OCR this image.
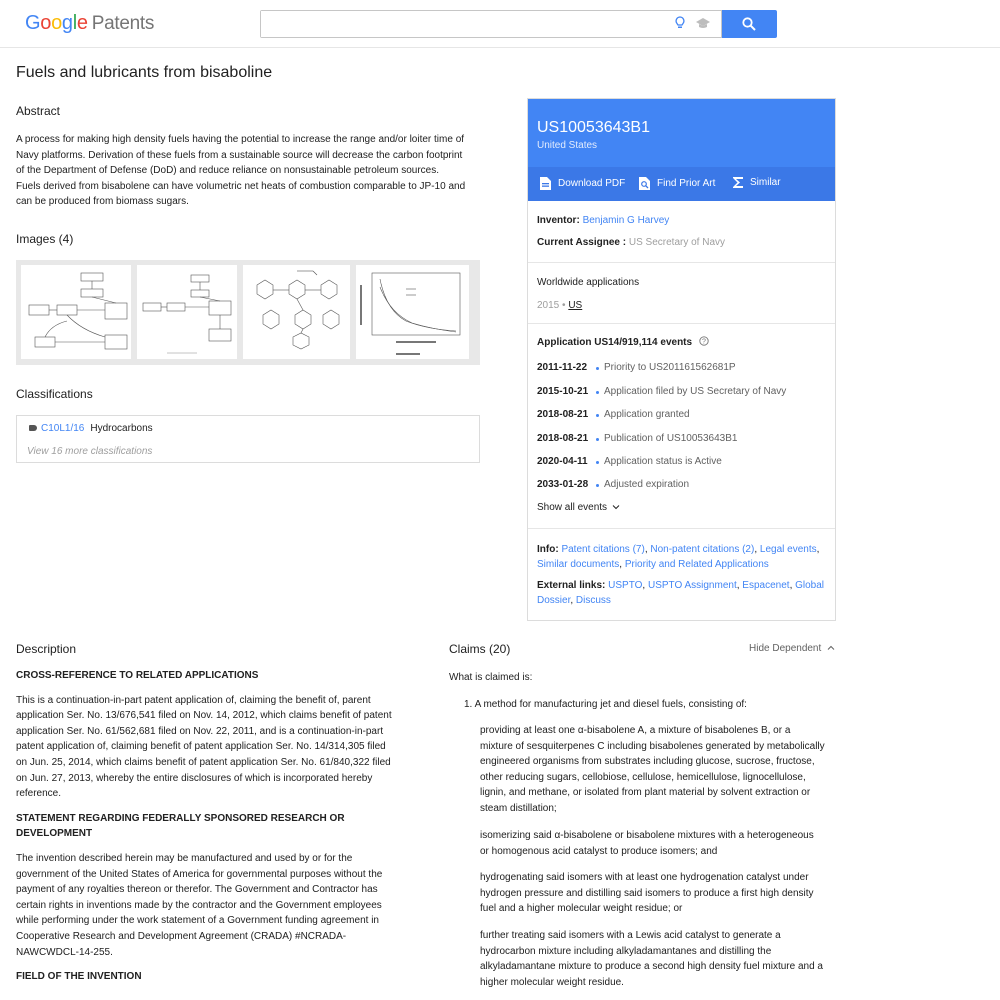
Google Patents
Fuels and lubricants from bisaboline
Abstract
A process for making high density fuels having the potential to increase the range and/or loiter time of Navy platforms. Derivation of these fuels from a sustainable source will decrease the carbon footprint of the Department of Defense (DoD) and reduce reliance on nonsustainable petroleum sources. Fuels derived from bisabolene can have volumetric net heats of combustion comparable to JP-10 and can be produced from biomass sugars.
Images (4)
Classifications
C10L1/16 Hydrocarbons
View 16 more classifications
US10053643B1
United States
Download PDF	Find Prior Art	Similar
Inventor: Benjamin G Harvey
Current Assignee : US Secretary of Navy
Worldwide applications
2015 • US
Application US14/919,114 events ?
2011-11-22 Priority to US201161562681P
2015-10-21 Application filed by US Secretary of Navy
2018-08-21 Application granted
2018-08-21 Publication of US10053643B1
2020-04-11 Application status is Active
2033-01-28 Adjusted expiration
Show all events
Info: Patent citations (7), Non-patent citations (2), Legal events, Similar documents, Priority and Related Applications
External links: USPTO, USPTO Assignment, Espacenet, Global Dossier, Discuss
Description

CROSS-REFERENCE TO RELATED APPLICATIONS

This is a continuation-in-part patent application of, claiming the benefit of, parent application Ser. No. 13/676,541 filed on Nov. 14, 2012, which claims benefit of patent application Ser. No. 61/562,681 filed on Nov. 22, 2011, and is a continuation-in-part patent application of, claiming benefit of patent application Ser. No. 14/314,305 filed on Jun. 25, 2014, which claims benefit of patent application Ser. No. 61/840,322 filed on Jun. 27, 2013, whereby the entire disclosures of which is incorporated hereby reference.

STATEMENT REGARDING FEDERALLY SPONSORED RESEARCH OR DEVELOPMENT

The invention described herein may be manufactured and used by or for the government of the United States of America for governmental purposes without the payment of any royalties thereon or therefor. The Government and Contractor has certain rights in inventions made by the contractor and the Government employees while performing under the work statement of a Government funding agreement in Cooperative Research and Development Agreement (CRADA) #NCRADA-NAWCWDCL-14-255.

FIELD OF THE INVENTION

Claims (20)	Hide Dependent
What is claimed is:
1. A method for manufacturing jet and diesel fuels, consisting of:
providing at least one α-bisabolene A, a mixture of bisabolenes B, or a mixture of sesquiterpenes C including bisabolenes generated by metabolically engineered organisms from substrates including glucose, sucrose, fructose, other reducing sugars, cellobiose, cellulose, hemicellulose, lignocellulose, lignin, and methane, or isolated from plant material by solvent extraction or steam distillation;
isomerizing said α-bisabolene or bisabolene mixtures with a heterogeneous or homogenous acid catalyst to produce isomers; and
hydrogenating said isomers with at least one hydrogenation catalyst under hydrogen pressure and distilling said isomers to produce a first high density fuel and a higher molecular weight residue; or
further treating said isomers with a Lewis acid catalyst to generate a hydrocarbon mixture including alkyladamantanes and distilling the alkyladamantane mixture to produce a second high density fuel mixture and a higher molecular weight residue.
